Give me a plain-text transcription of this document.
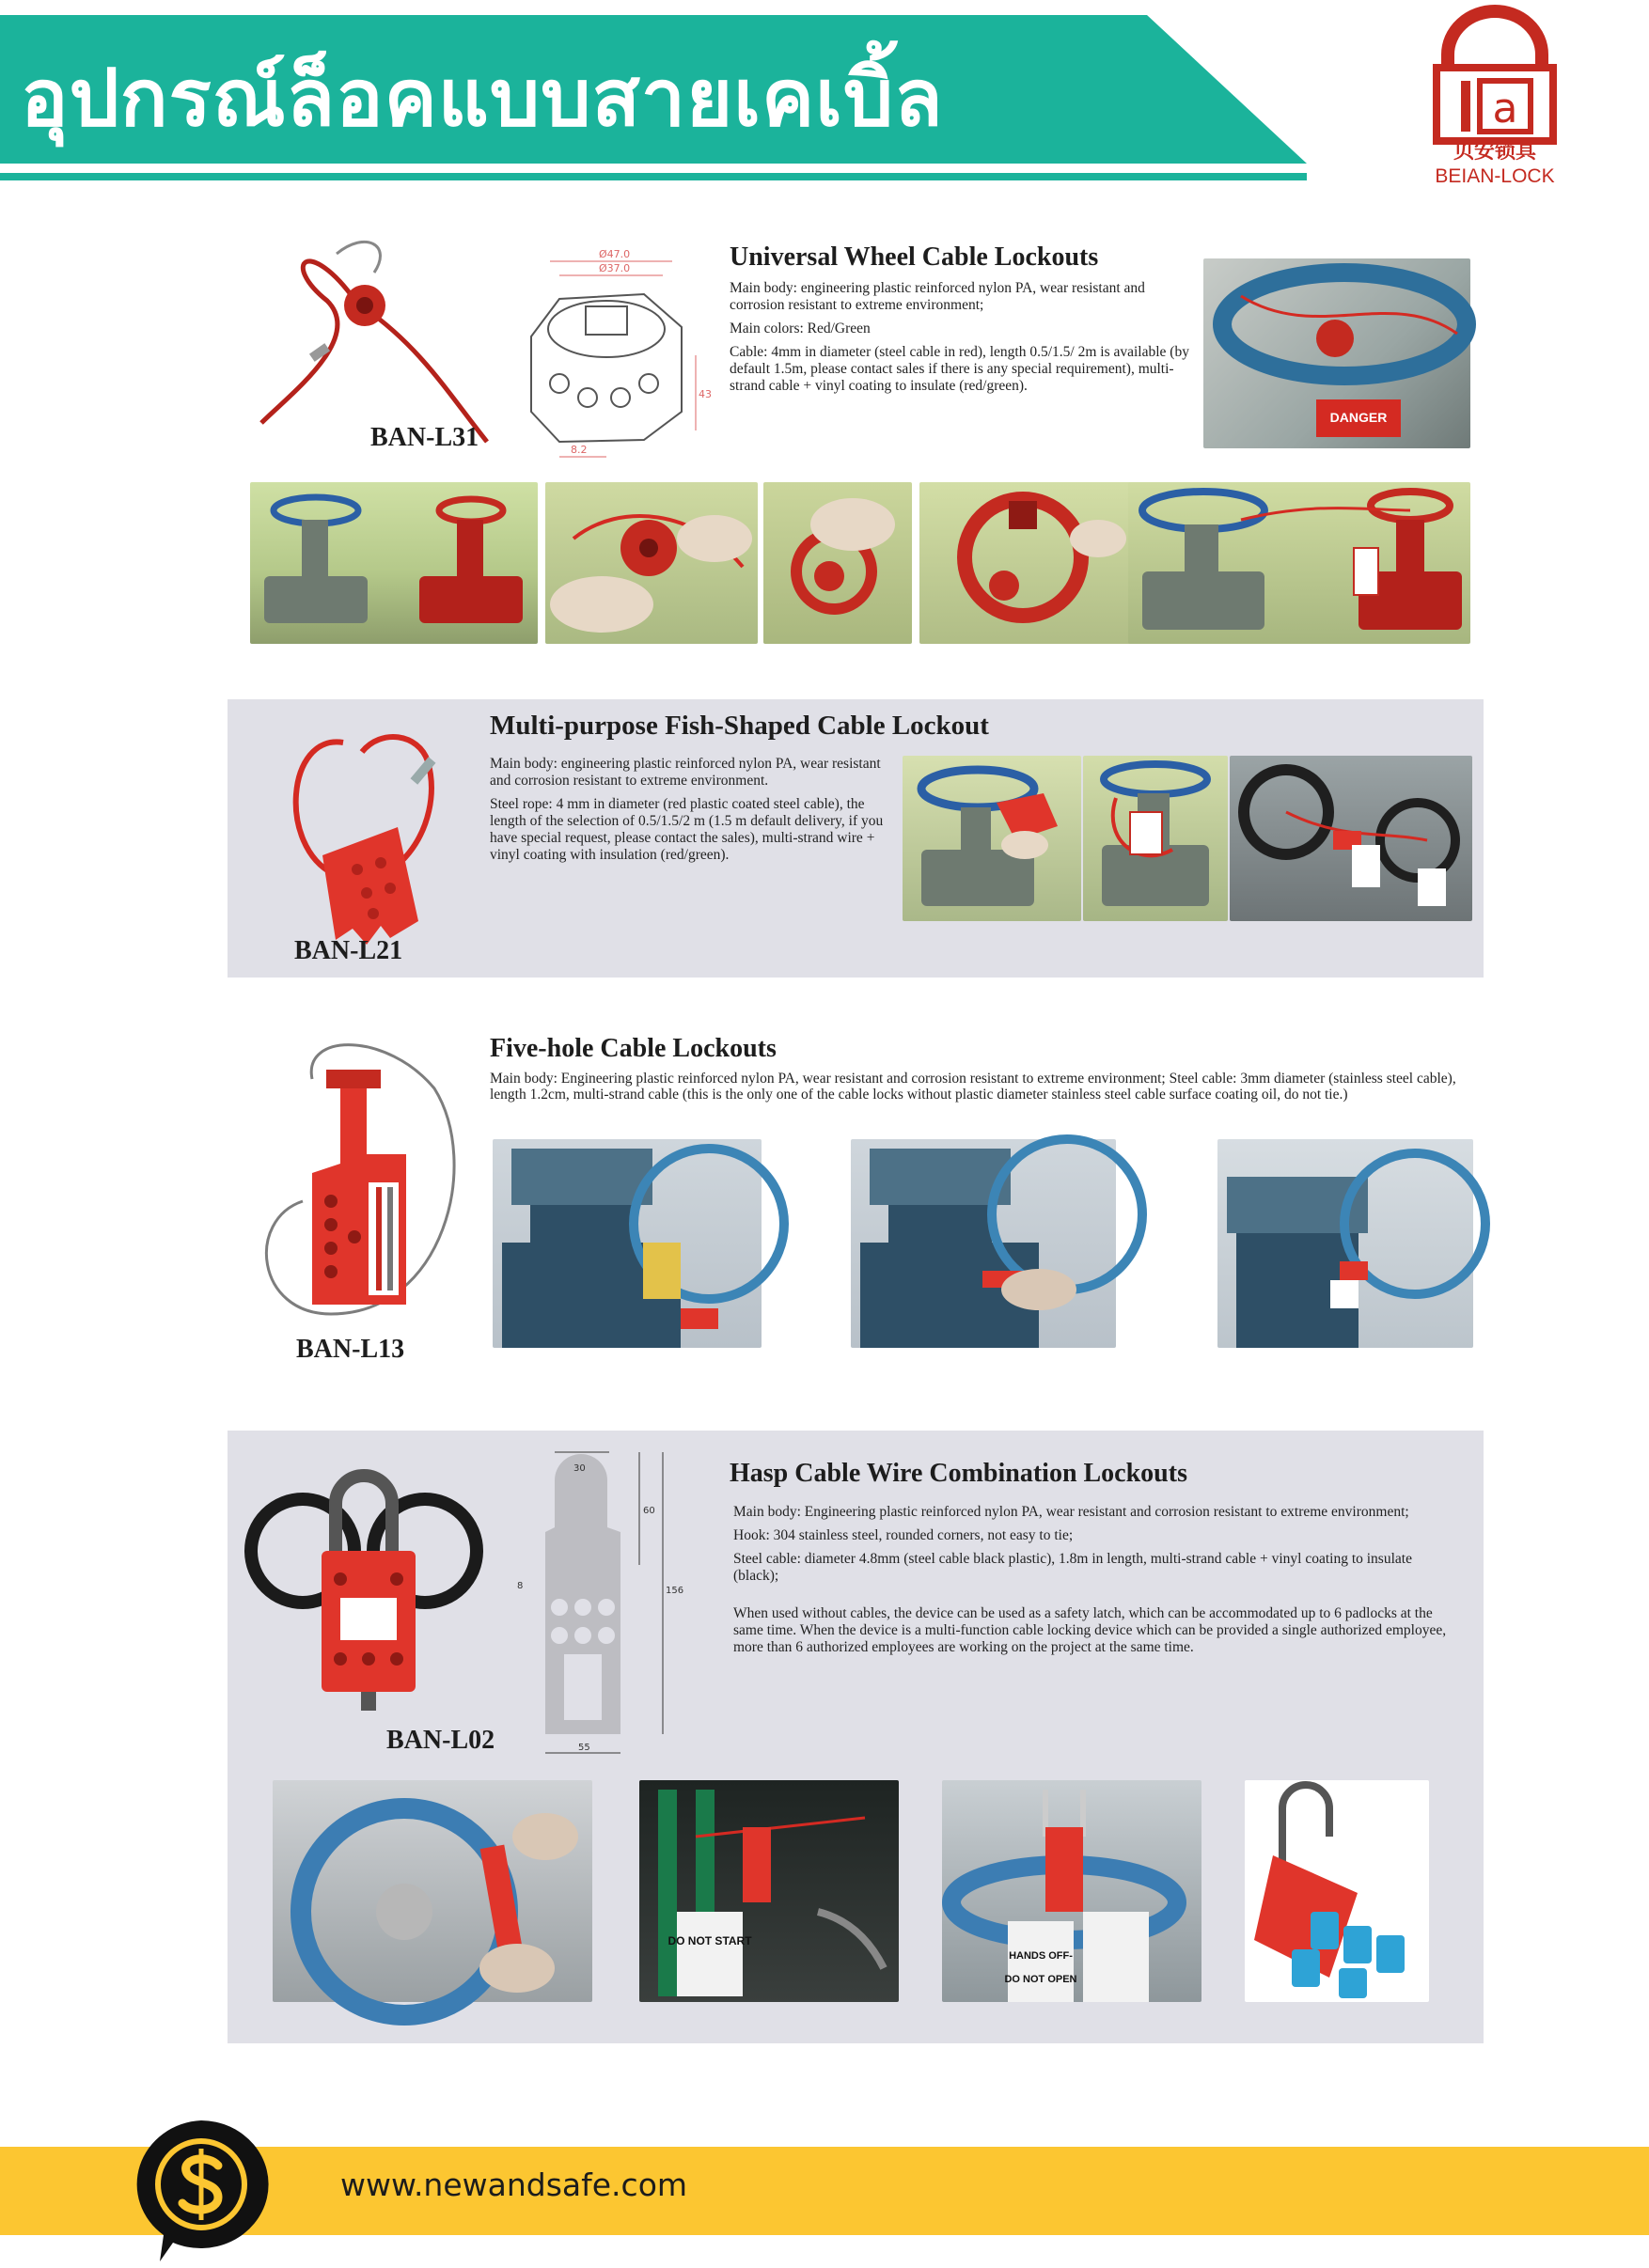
อุปกรณ์ล็อคแบบสายเคเบิ้ล	a
贝安锁具
BEIAN-LOCK
BAN-L31
Ø47.0
Ø37.0
43
8.2
Universal Wheel Cable Lockouts

Main body: engineering plastic reinforced nylon PA, wear resistant and corrosion resistant to extreme environment;

Main colors: Red/Green

Cable: 4mm in diameter (steel cable in red), length 0.5/1.5/ 2m is available (by default 1.5m, please contact sales if there is any special requirement), multi-strand cable + vinyl coating to insulate (red/green).

DANGER
BAN-L21
Multi-purpose Fish-Shaped Cable Lockout

Main body: engineering plastic reinforced nylon PA, wear resistant and corrosion resistant to extreme environment.

Steel rope: 4 mm in diameter (red plastic coated steel cable), the length of the selection of 0.5/1.5/2 m (1.5 m default delivery, if you have special request, please contact the sales), multi-strand wire + vinyl coating with insulation (red/green).

BAN-L13
Five-hole Cable Lockouts

Main body: Engineering plastic reinforced nylon PA, wear resistant and corrosion resistant to extreme environment; Steel cable: 3mm diameter (stainless steel cable), length 1.2cm, multi-strand cable (this is the only one of the cable locks without plastic diameter stainless steel cable surface coating oil, do not tie.)

BAN-L02
30
60
156
8
55
Hasp Cable Wire Combination Lockouts

Main body: Engineering plastic reinforced nylon PA, wear resistant and corrosion resistant to extreme environment;

Hook: 304 stainless steel, rounded corners, not easy to tie;

Steel cable: diameter 4.8mm (steel cable black plastic), 1.8m in length, multi-strand cable + vinyl coating to insulate (black);

When used without cables, the device can be used as a safety latch, which can be accommodated up to 6 padlocks at the same time. When the device is a multi-function cable locking device which can be provided a single authorized employee, more than 6 authorized employees are working on the project at the same time.

DO NOT START
HANDS OFF-
DO NOT OPEN
www.newandsafe.com
